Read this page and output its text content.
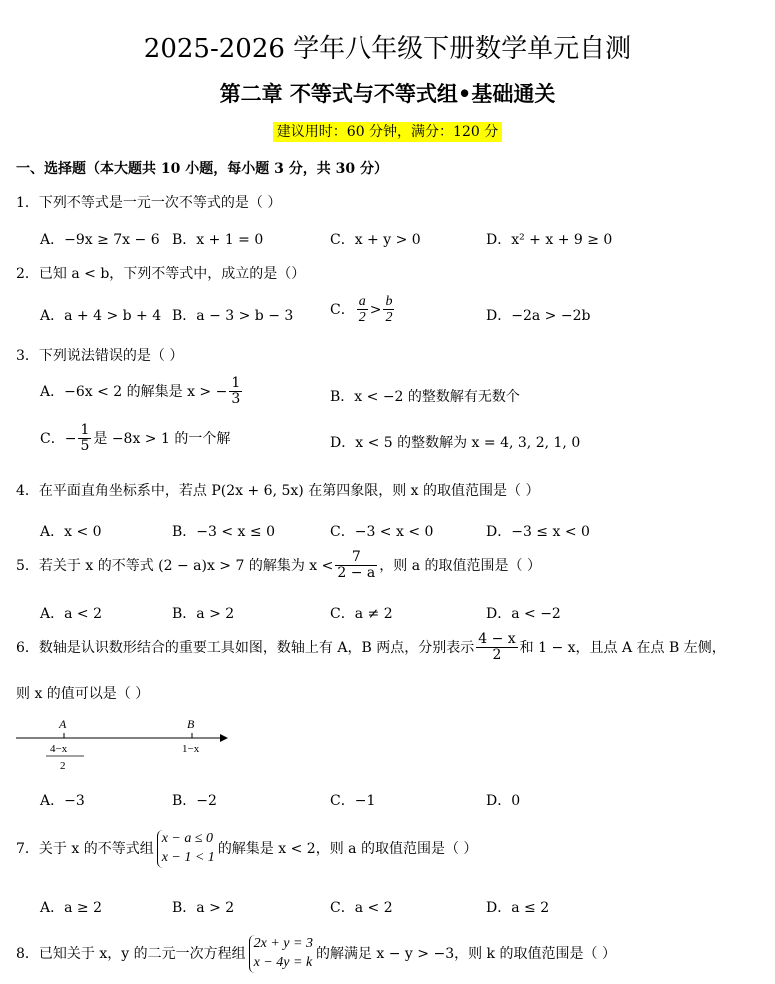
2025-2026 学年八年级下册数学单元自测
第二章 不等式与不等式组•基础通关
建议用时：60 分钟，满分：120 分
一、选择题（本大题共 10 小题，每小题 3 分，共 30 分）
1．下列不等式是一元一次不等式的是（ ）
A．−9x ≥ 7x − 6 B．x + 1 = 0	C．x + y > 0	D．x² + x + 9 ≥ 0
2．已知 a < b，下列不等式中，成立的是（）
A．a + 4 > b + 4 B．a − 3 > b − 3	C． $\frac{a}{2} > \frac{b}{2}$	D．−2a > −2b
3．下列说法错误的是（ ）
A．−6x < 2 的解集是 x > − $\frac{1}{3}$	B．x < −2 的整数解有无数个
C．− $\frac{1}{5}$ 是 −8x > 1 的一个解	D．x < 5 的整数解为 x = 4, 3, 2, 1, 0
4．在平面直角坐标系中，若点 P(2x + 6, 5x) 在第四象限，则 x 的取值范围是（ ）
A．x < 0	B．−3 < x ≤ 0	C．−3 < x < 0	D．−3 ≤ x < 0
5．若关于 x 的不等式 (2 − a)x > 7 的解集为 $x < \frac{7}{2 - a}$ ，则 a 的取值范围是（ ）
A．a < 2	B．a > 2	C．a ≠ 2	D．a < −2
6．数轴是认识数形结合的重要工具如图，数轴上有 A，B 两点，分别表示 $\frac{4 - x}{2}$ 和 1 − x，且点 A 在点 B 左侧，
则 x 的值可以是（ ）
A	B
4−x
2
1−x
A．−3	B．−2	C．−1	D．0
7．关于 x 的不等式组
x − a ≤ 0
x − 1 < 1
的解集是 x < 2，则 a 的取值范围是（ ）
A．a ≥ 2	B．a > 2	C．a < 2	D．a ≤ 2
8．已知关于 x，y 的二元一次方程组
2x + y = 3
x − 4y = k
的解满足 x − y > −3，则 k 的取值范围是（ ）
